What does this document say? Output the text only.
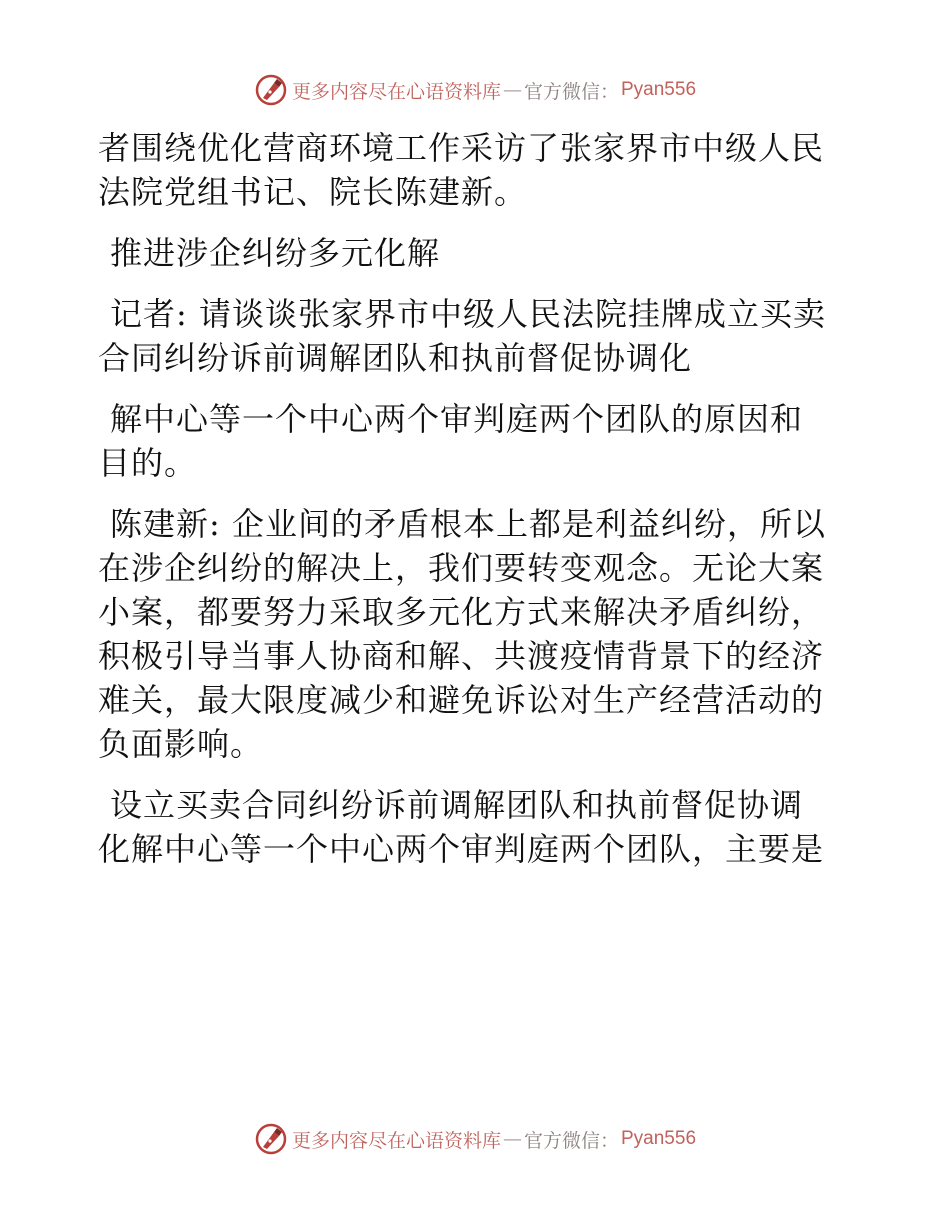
更多内容尽在心语资料库 — 官方微信： Pyan556

者围绕优化营商环境工作采访了张家界市中级人民
法院党组书记、院长陈建新。

推进涉企纠纷多元化解

记者: 请谈谈张家界市中级人民法院挂牌成立买卖
合同纠纷诉前调解团队和执前督促协调化

解中心等一个中心两个审判庭两个团队的原因和
目的。

陈建新: 企业间的矛盾根本上都是利益纠纷，所以
在涉企纠纷的解决上，我们要转变观念。无论大案
小案，都要努力采取多元化方式来解决矛盾纠纷，
积极引导当事人协商和解、共渡疫情背景下的经济
难关，最大限度减少和避免诉讼对生产经营活动的
负面影响。

设立买卖合同纠纷诉前调解团队和执前督促协调
化解中心等一个中心两个审判庭两个团队，主要是

更多内容尽在心语资料库 — 官方微信： Pyan556
